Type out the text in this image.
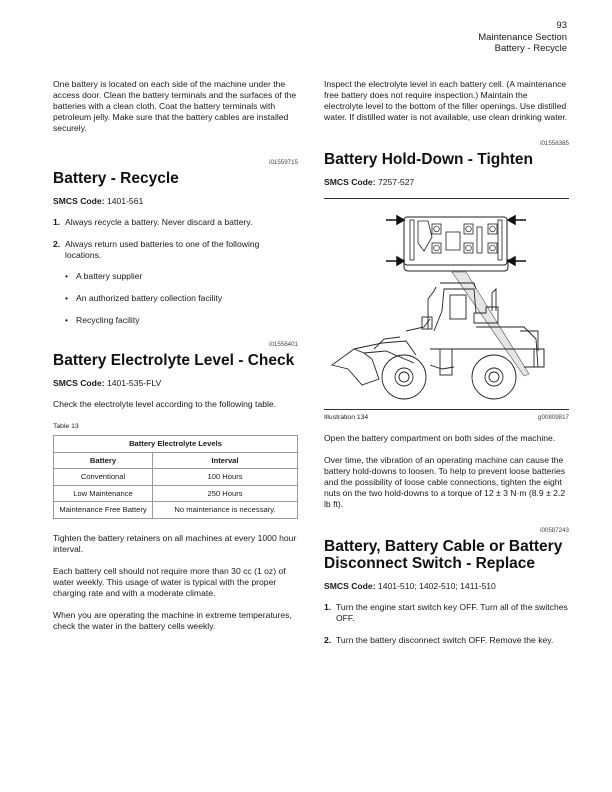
93
Maintenance Section
Battery - Recycle

One battery is located on each side of the machine under the access door. Clean the battery terminals and the surfaces of the batteries with a clean cloth. Coat the battery terminals with petroleum jelly. Make sure that the battery cables are installed securely.

i01559715

Battery - Recycle

SMCS Code: 1401-561

1. Always recycle a battery. Never discard a battery.
2. Always return used batteries to one of the following locations.
• A battery supplier
• An authorized battery collection facility
• Recycling facility

i01558401

Battery Electrolyte Level - Check

SMCS Code: 1401-535-FLV

Check the electrolyte level according to the following table.

Table 13

Battery Electrolyte Levels	
Battery	Interval
Conventional	100 Hours
Low Maintenance	250 Hours
Maintenance Free Battery	No maintenance is necessary.

Tighten the battery retainers on all machines at every 1000 hour interval.

Each battery cell should not require more than 30 cc (1 oz) of water weekly. This usage of water is typical with the proper charging rate and with a moderate climate.

When you are operating the machine in extreme temperatures, check the water in the battery cells weekly.

Inspect the electrolyte level in each battery cell. (A maintenance free battery does not require inspection.) Maintain the electrolyte level to the bottom of the filler openings. Use distilled water. If distilled water is not available, use clean drinking water.

i01558385

Battery Hold-Down - Tighten

SMCS Code: 7257-527

Illustration 134	g00809817

Open the battery compartment on both sides of the machine.

Over time, the vibration of an operating machine can cause the battery hold-downs to loosen. To help to prevent loose batteries and the possibility of loose cable connections, tighten the eight nuts on the two hold-downs to a torque of 12 ± 3 N·m (8.9 ± 2.2 lb ft).

i00587243

Battery, Battery Cable or Battery Disconnect Switch - Replace

SMCS Code: 1401-510; 1402-510; 1411-510

1. Turn the engine start switch key OFF. Turn all of the switches OFF.
2. Turn the battery disconnect switch OFF. Remove the key.
